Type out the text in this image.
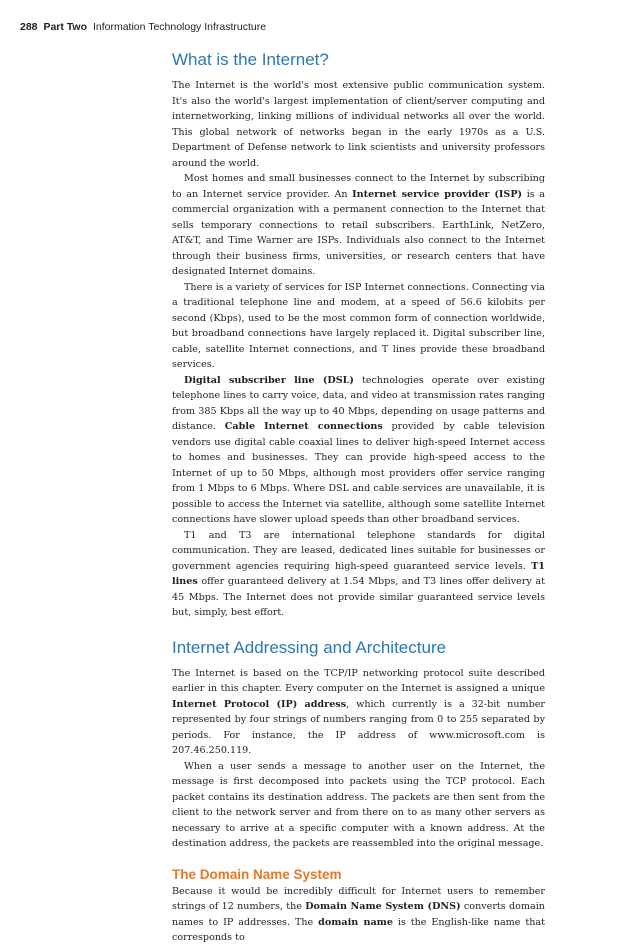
288 Part Two Information Technology Infrastructure
What is the Internet?

The Internet is the world's most extensive public communication system. It's also the world's largest implementation of client/server computing and internetworking, linking millions of individual networks all over the world. This global network of networks began in the early 1970s as a U.S. Department of Defense network to link scientists and university professors around the world.

Most homes and small businesses connect to the Internet by subscribing to an Internet service provider. An Internet service provider (ISP) is a commercial organization with a permanent connection to the Internet that sells temporary connections to retail subscribers. EarthLink, NetZero, AT&T, and Time Warner are ISPs. Individuals also connect to the Internet through their business firms, universities, or research centers that have designated Internet domains.

There is a variety of services for ISP Internet connections. Connecting via a traditional telephone line and modem, at a speed of 56.6 kilobits per second (Kbps), used to be the most common form of connection worldwide, but broadband connections have largely replaced it. Digital subscriber line, cable, satellite Internet connections, and T lines provide these broadband services.

Digital subscriber line (DSL) technologies operate over existing telephone lines to carry voice, data, and video at transmission rates ranging from 385 Kbps all the way up to 40 Mbps, depending on usage patterns and distance. Cable Internet connections provided by cable television vendors use digital cable coaxial lines to deliver high-speed Internet access to homes and businesses. They can provide high-speed access to the Internet of up to 50 Mbps, although most providers offer service ranging from 1 Mbps to 6 Mbps. Where DSL and cable services are unavailable, it is possible to access the Internet via satellite, although some satellite Internet connections have slower upload speeds than other broadband services.

T1 and T3 are international telephone standards for digital communication. They are leased, dedicated lines suitable for businesses or government agencies requiring high-speed guaranteed service levels. T1 lines offer guaranteed delivery at 1.54 Mbps, and T3 lines offer delivery at 45 Mbps. The Internet does not provide similar guaranteed service levels but, simply, best effort.

Internet Addressing and Architecture

The Internet is based on the TCP/IP networking protocol suite described earlier in this chapter. Every computer on the Internet is assigned a unique Internet Protocol (IP) address, which currently is a 32-bit number represented by four strings of numbers ranging from 0 to 255 separated by periods. For instance, the IP address of www.microsoft.com is 207.46.250.119.

When a user sends a message to another user on the Internet, the message is first decomposed into packets using the TCP protocol. Each packet contains its destination address. The packets are then sent from the client to the network server and from there on to as many other servers as necessary to arrive at a specific computer with a known address. At the destination address, the packets are reassembled into the original message.

The Domain Name System

Because it would be incredibly difficult for Internet users to remember strings of 12 numbers, the Domain Name System (DNS) converts domain names to IP addresses. The domain name is the English-like name that corresponds to
